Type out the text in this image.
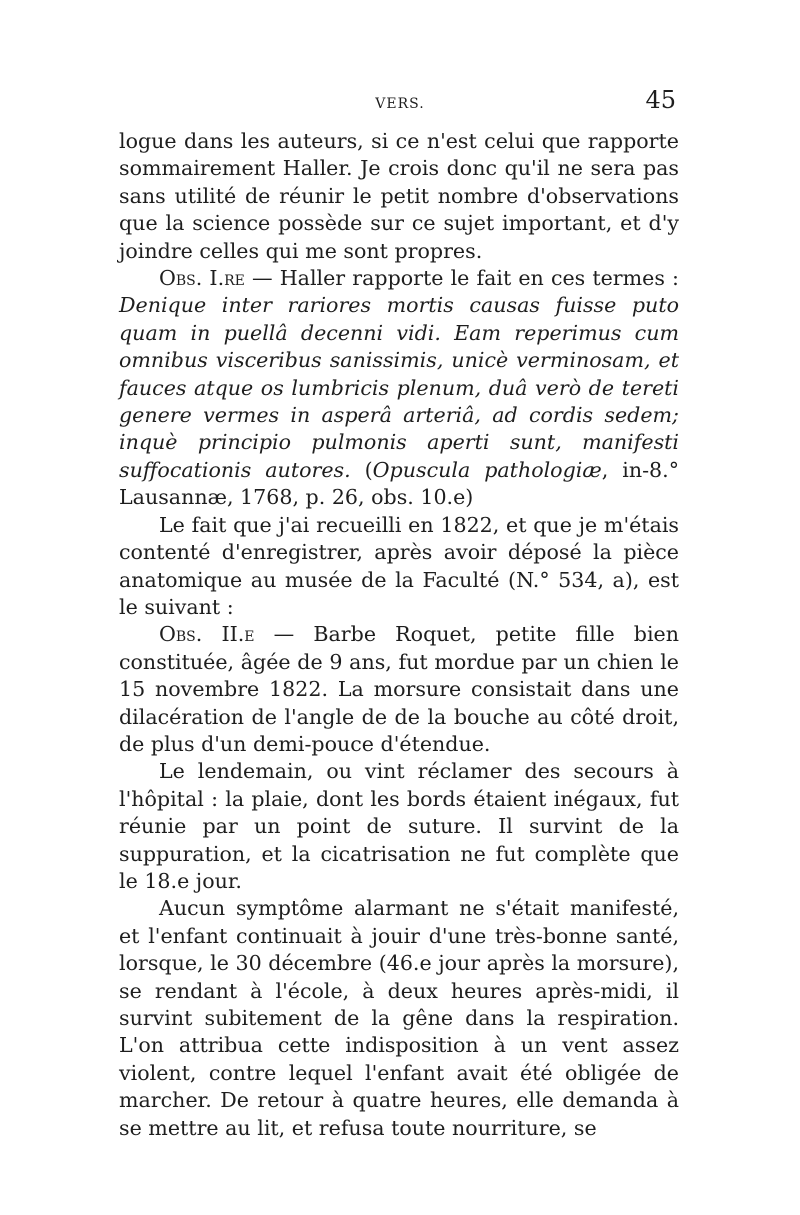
VERS.	45

logue dans les auteurs, si ce n'est celui que rapporte sommairement Haller. Je crois donc qu'il ne sera pas sans utilité de réunir le petit nombre d'observations que la science possède sur ce sujet important, et d'y joindre celles qui me sont propres.

Obs. I.re — Haller rapporte le fait en ces termes : Denique inter rariores mortis causas fuisse puto quam in puellâ decenni vidi. Eam reperimus cum omnibus visceribus sanissimis, unicè verminosam, et fauces atque os lumbricis plenum, duâ verò de tereti genere vermes in asperâ arteriâ, ad cordis sedem; inquè principio pulmonis aperti sunt, manifesti suffocationis autores. (Opuscula pathologiæ, in-8.° Lausannæ, 1768, p. 26, obs. 10.e)

Le fait que j'ai recueilli en 1822, et que je m'étais contenté d'enregistrer, après avoir déposé la pièce anatomique au musée de la Faculté (N.° 534, a), est le suivant :

Obs. II.e — Barbe Roquet, petite fille bien constituée, âgée de 9 ans, fut mordue par un chien le 15 novembre 1822. La morsure consistait dans une dilacération de l'angle de de la bouche au côté droit, de plus d'un demi-pouce d'étendue.

Le lendemain, ou vint réclamer des secours à l'hôpital : la plaie, dont les bords étaient inégaux, fut réunie par un point de suture. Il survint de la suppuration, et la cicatrisation ne fut complète que le 18.e jour.

Aucun symptôme alarmant ne s'était manifesté, et l'enfant continuait à jouir d'une très-bonne santé, lorsque, le 30 décembre (46.e jour après la morsure), se rendant à l'école, à deux heures après-midi, il survint subitement de la gêne dans la respiration. L'on attribua cette indisposition à un vent assez violent, contre lequel l'enfant avait été obligée de marcher. De retour à quatre heures, elle demanda à se mettre au lit, et refusa toute nourriture, se
